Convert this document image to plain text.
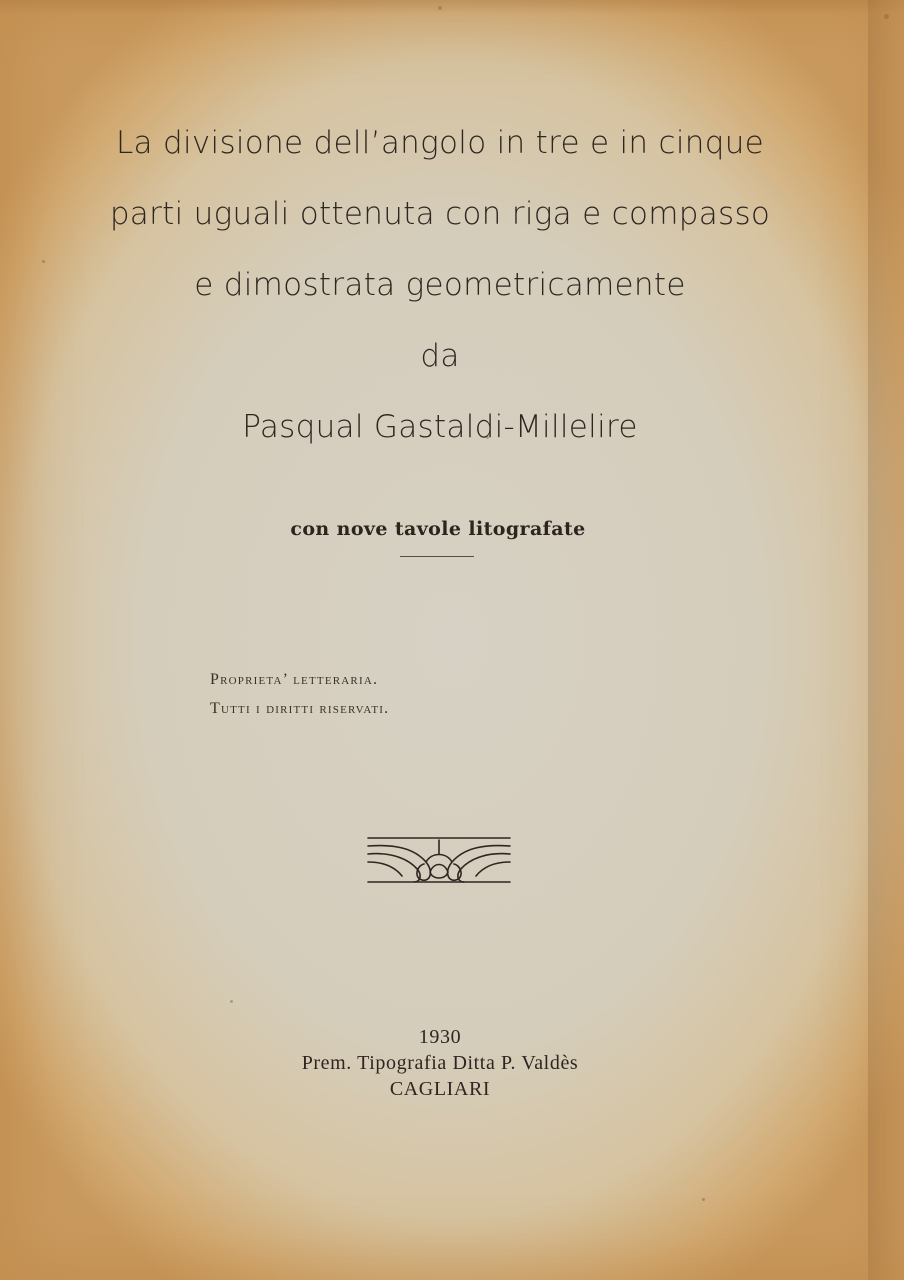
La divisione dell’angolo in tre e in cinque
parti uguali ottenuta con riga e compasso
e dimostrata geometricamente
da
Pasqual Gastaldi-Millelire
con nove tavole litografate
Proprieta’ letteraria.
Tutti i diritti riservati.
1930
Prem. Tipografia Ditta P. Valdès
CAGLIARI
